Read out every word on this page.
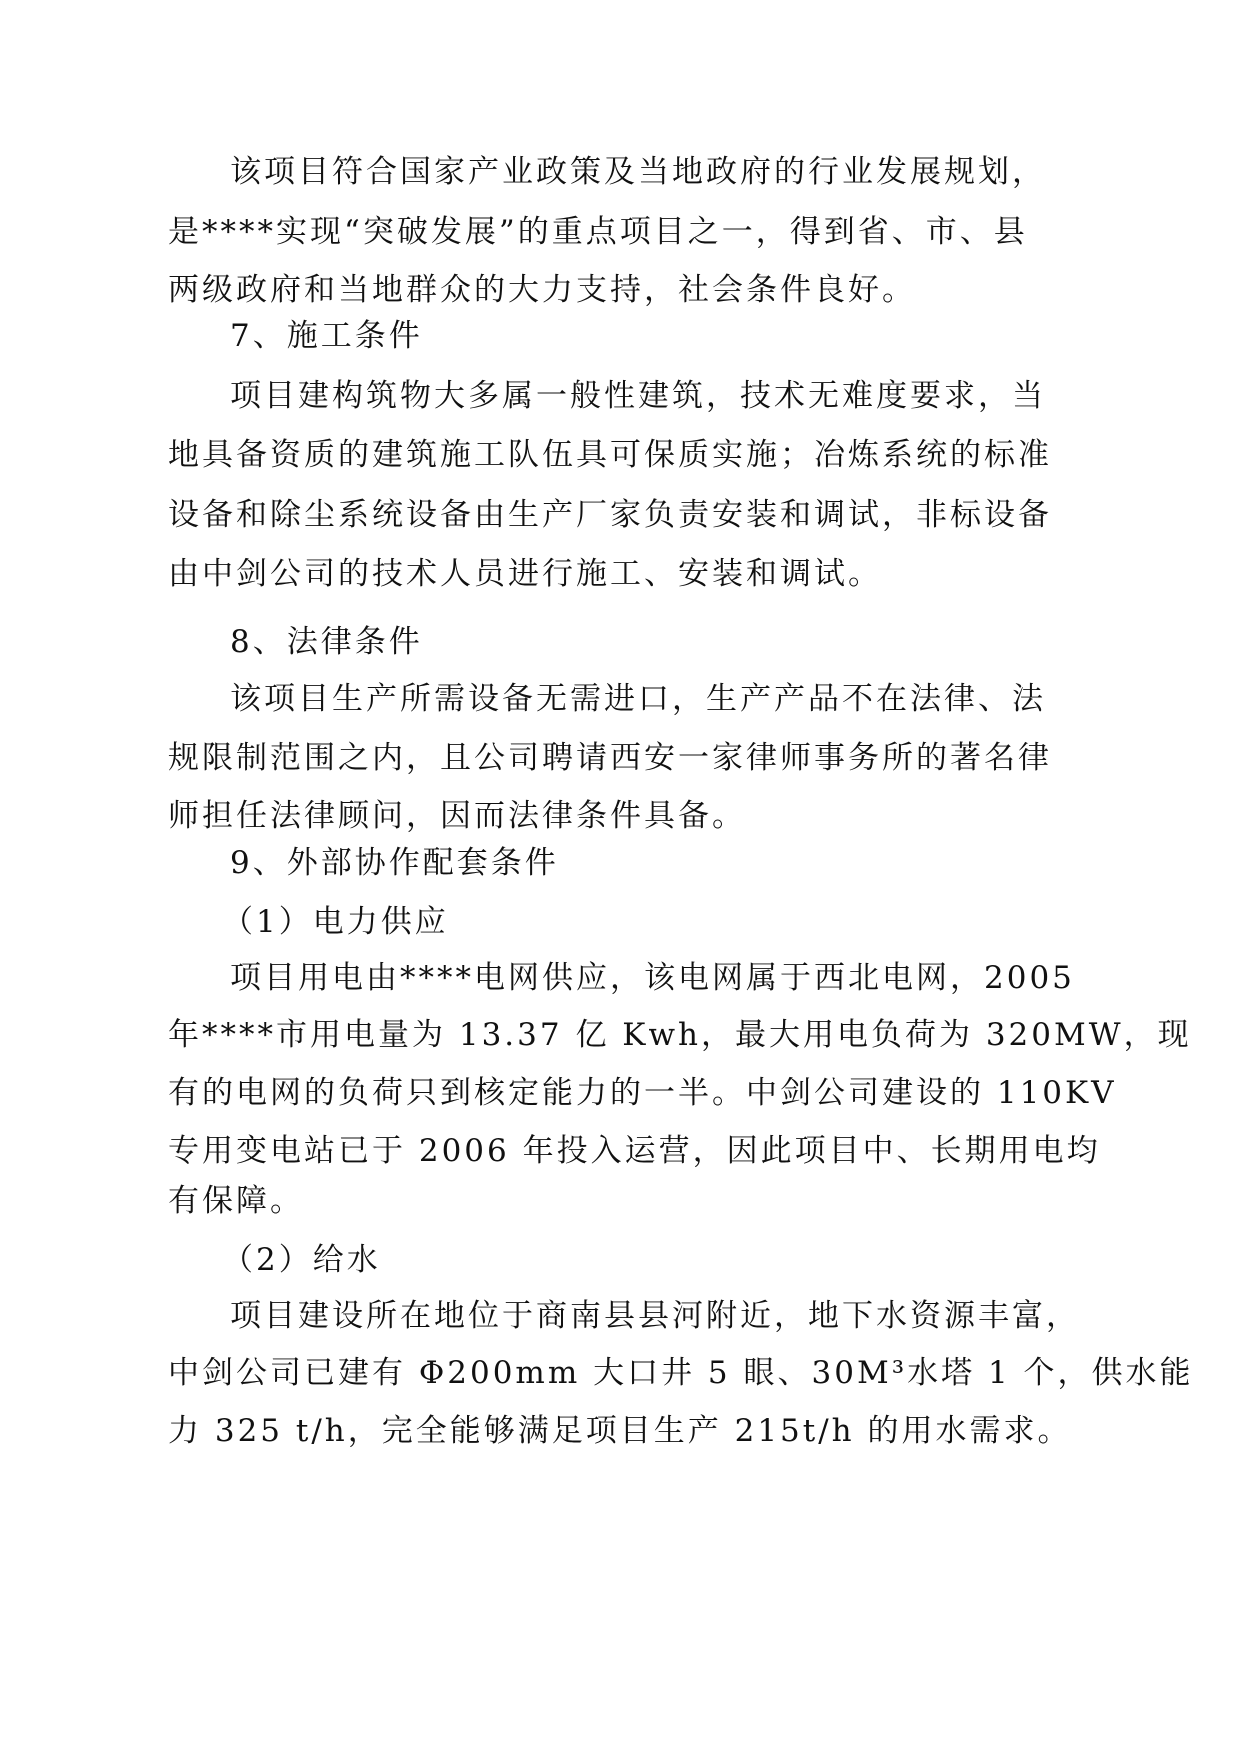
该项目符合国家产业政策及当地政府的行业发展规划，
是****实现“突破发展”的重点项目之一，得到省、市、县
两级政府和当地群众的大力支持，社会条件良好。
7、施工条件
项目建构筑物大多属一般性建筑，技术无难度要求，当
地具备资质的建筑施工队伍具可保质实施；冶炼系统的标准
设备和除尘系统设备由生产厂家负责安装和调试，非标设备
由中剑公司的技术人员进行施工、安装和调试。
8、法律条件
该项目生产所需设备无需进口，生产产品不在法律、法
规限制范围之内，且公司聘请西安一家律师事务所的著名律
师担任法律顾问，因而法律条件具备。
9、外部协作配套条件
（1）电力供应
项目用电由****电网供应，该电网属于西北电网，2005
年****市用电量为 13.37 亿 Kwh，最大用电负荷为 320MW，现
有的电网的负荷只到核定能力的一半。中剑公司建设的 110KV
专用变电站已于 2006 年投入运营，因此项目中、长期用电均
有保障。
（2）给水
项目建设所在地位于商南县县河附近，地下水资源丰富，
中剑公司已建有 Φ200mm 大口井 5 眼、30M³水塔 1 个，供水能
力 325 t/h，完全能够满足项目生产 215t/h 的用水需求。
